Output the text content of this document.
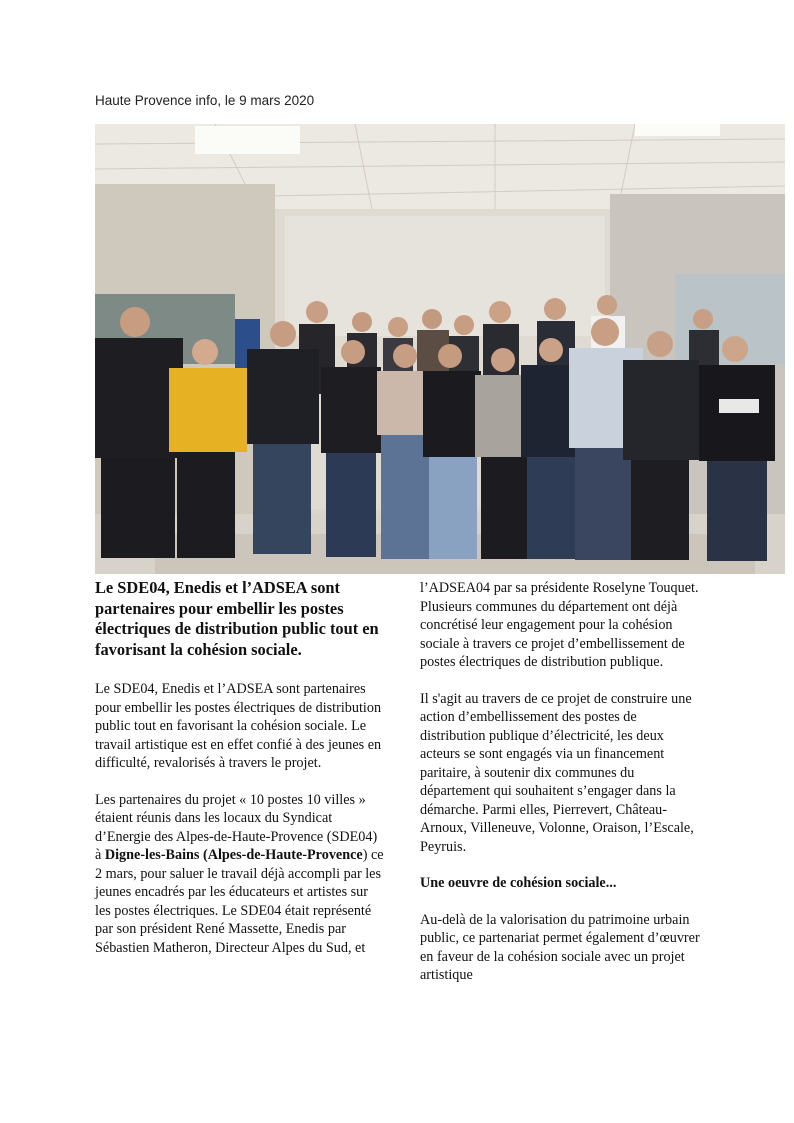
Haute Provence info, le 9 mars 2020
Le SDE04, Enedis et l’ADSEA sont partenaires pour embellir les postes électriques de distribution public tout en favorisant la cohésion sociale.

Le SDE04, Enedis et l’ADSEA sont partenaires pour embellir les postes électriques de distribution public tout en favorisant la cohésion sociale. Le travail artistique est en effet confié à des jeunes en difficulté, revalorisés à travers le projet.

Les partenaires du projet « 10 postes 10 villes » étaient réunis dans les locaux du Syndicat d’Energie des Alpes-de-Haute-Provence (SDE04) à Digne-les-Bains (Alpes-de-Haute-Provence) ce 2 mars, pour saluer le travail déjà accompli par les jeunes encadrés par les éducateurs et artistes sur les postes électriques. Le SDE04 était représenté par son président René Massette, Enedis par Sébastien Matheron, Directeur Alpes du Sud, et

l’ADSEA04 par sa présidente Roselyne Touquet. Plusieurs communes du département ont déjà concrétisé leur engagement pour la cohésion sociale à travers ce projet d’embellissement de postes électriques de distribution publique.

Il s'agit au travers de ce projet de construire une action d’embellissement des postes de distribution publique d’électricité, les deux acteurs se sont engagés via un financement paritaire, à soutenir dix communes du département qui souhaitent s’engager dans la démarche. Parmi elles, Pierrevert, Château-Arnoux, Villeneuve, Volonne, Oraison, l’Escale, Peyruis.

Une oeuvre de cohésion sociale...

Au-delà de la valorisation du patrimoine urbain public, ce partenariat permet également d’œuvrer en faveur de la cohésion sociale avec un projet artistique
